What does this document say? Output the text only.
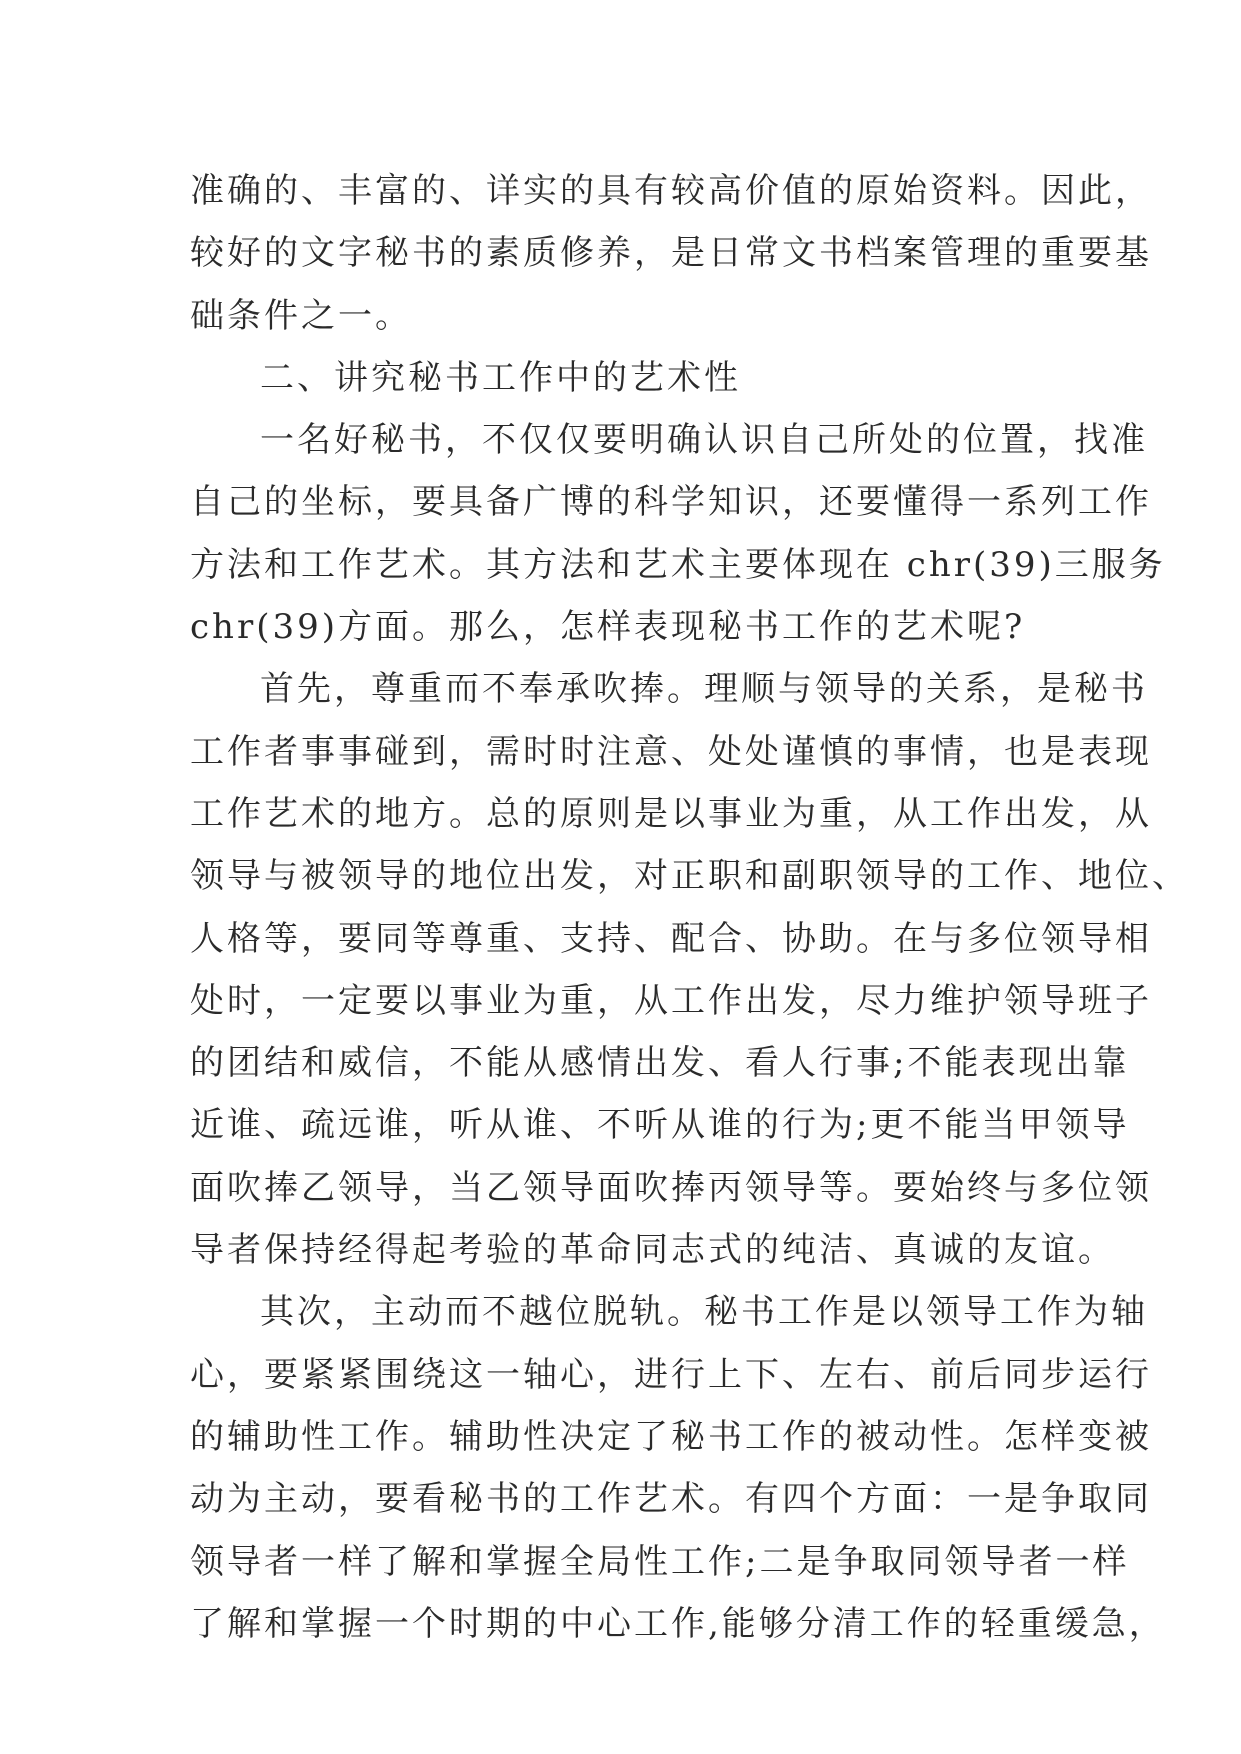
准确的、丰富的、详实的具有较高价值的原始资料。因此，
较好的文字秘书的素质修养，是日常文书档案管理的重要基
础条件之一。
二、讲究秘书工作中的艺术性
一名好秘书，不仅仅要明确认识自己所处的位置，找准
自己的坐标，要具备广博的科学知识，还要懂得一系列工作
方法和工作艺术。其方法和艺术主要体现在 chr(39)三服务
chr(39)方面。那么，怎样表现秘书工作的艺术呢?
首先，尊重而不奉承吹捧。理顺与领导的关系，是秘书
工作者事事碰到，需时时注意、处处谨慎的事情，也是表现
工作艺术的地方。总的原则是以事业为重，从工作出发，从
领导与被领导的地位出发，对正职和副职领导的工作、地位、
人格等，要同等尊重、支持、配合、协助。在与多位领导相
处时，一定要以事业为重，从工作出发，尽力维护领导班子
的团结和威信，不能从感情出发、看人行事;不能表现出靠
近谁、疏远谁，听从谁、不听从谁的行为;更不能当甲领导
面吹捧乙领导，当乙领导面吹捧丙领导等。要始终与多位领
导者保持经得起考验的革命同志式的纯洁、真诚的友谊。
其次，主动而不越位脱轨。秘书工作是以领导工作为轴
心，要紧紧围绕这一轴心，进行上下、左右、前后同步运行
的辅助性工作。辅助性决定了秘书工作的被动性。怎样变被
动为主动，要看秘书的工作艺术。有四个方面：一是争取同
领导者一样了解和掌握全局性工作;二是争取同领导者一样
了解和掌握一个时期的中心工作,能够分清工作的轻重缓急，
